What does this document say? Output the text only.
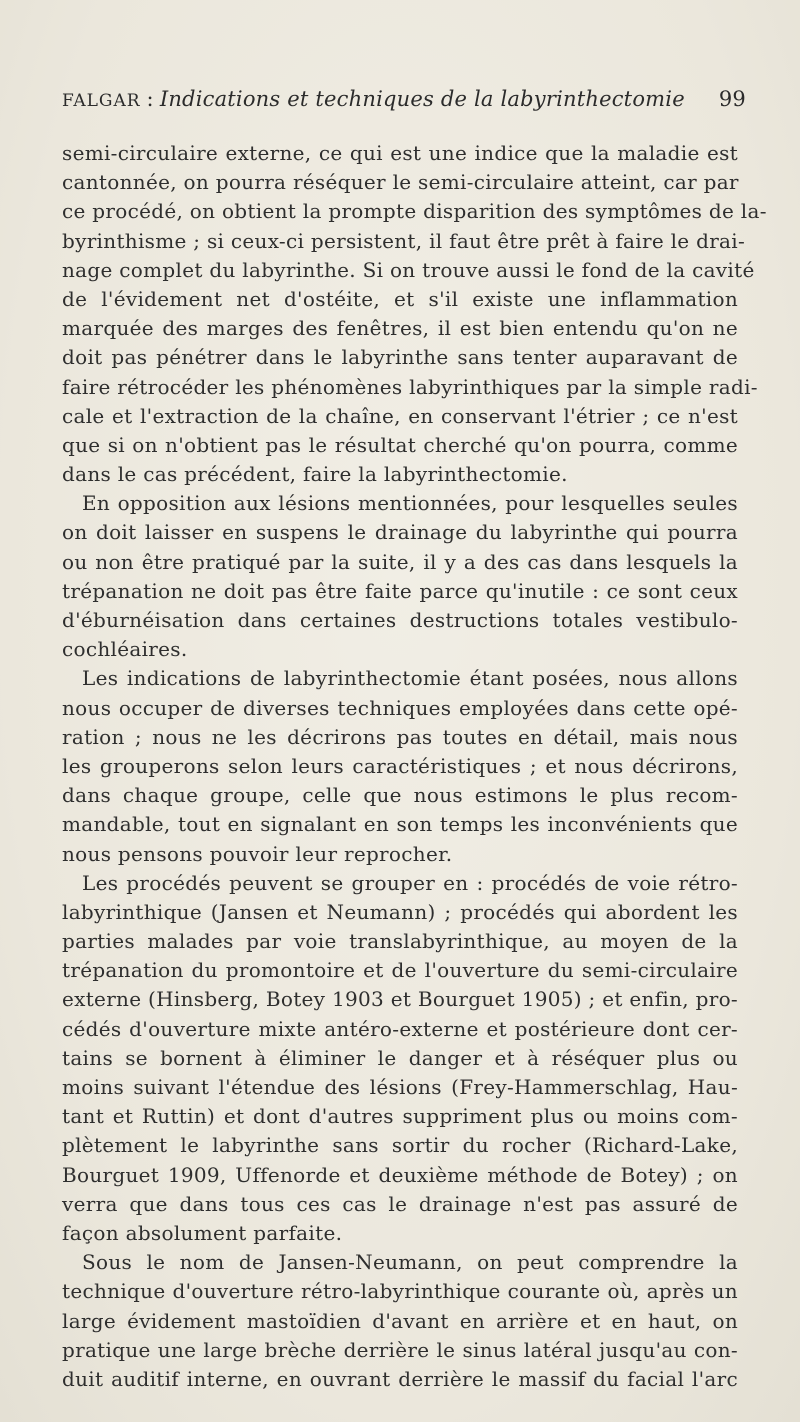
FALGAR : Indications et techniques de la labyrinthectomie 99
semi-circulaire externe, ce qui est une indice que la maladie est
cantonnée, on pourra réséquer le semi-circulaire atteint, car par
ce procédé, on obtient la prompte disparition des symptômes de la-
byrinthisme ; si ceux-ci persistent, il faut être prêt à faire le drai-
nage complet du labyrinthe. Si on trouve aussi le fond de la cavité
de l'évidement net d'ostéite, et s'il existe une inflammation
marquée des marges des fenêtres, il est bien entendu qu'on ne
doit pas pénétrer dans le labyrinthe sans tenter auparavant de
faire rétrocéder les phénomènes labyrinthiques par la simple radi-
cale et l'extraction de la chaîne, en conservant l'étrier ; ce n'est
que si on n'obtient pas le résultat cherché qu'on pourra, comme
dans le cas précédent, faire la labyrinthectomie.
En opposition aux lésions mentionnées, pour lesquelles seules
on doit laisser en suspens le drainage du labyrinthe qui pourra
ou non être pratiqué par la suite, il y a des cas dans lesquels la
trépanation ne doit pas être faite parce qu'inutile : ce sont ceux
d'éburnéisation dans certaines destructions totales vestibulo-
cochléaires.
Les indications de labyrinthectomie étant posées, nous allons
nous occuper de diverses techniques employées dans cette opé-
ration ; nous ne les décrirons pas toutes en détail, mais nous
les grouperons selon leurs caractéristiques ; et nous décrirons,
dans chaque groupe, celle que nous estimons le plus recom-
mandable, tout en signalant en son temps les inconvénients que
nous pensons pouvoir leur reprocher.
Les procédés peuvent se grouper en : procédés de voie rétro-
labyrinthique (Jansen et Neumann) ; procédés qui abordent les
parties malades par voie translabyrinthique, au moyen de la
trépanation du promontoire et de l'ouverture du semi-circulaire
externe (Hinsberg, Botey 1903 et Bourguet 1905) ; et enfin, pro-
cédés d'ouverture mixte antéro-externe et postérieure dont cer-
tains se bornent à éliminer le danger et à réséquer plus ou
moins suivant l'étendue des lésions (Frey-Hammerschlag, Hau-
tant et Ruttin) et dont d'autres suppriment plus ou moins com-
plètement le labyrinthe sans sortir du rocher (Richard-Lake,
Bourguet 1909, Uffenorde et deuxième méthode de Botey) ; on
verra que dans tous ces cas le drainage n'est pas assuré de
façon absolument parfaite.
Sous le nom de Jansen-Neumann, on peut comprendre la
technique d'ouverture rétro-labyrinthique courante où, après un
large évidement mastoïdien d'avant en arrière et en haut, on
pratique une large brèche derrière le sinus latéral jusqu'au con-
duit auditif interne, en ouvrant derrière le massif du facial l'arc
